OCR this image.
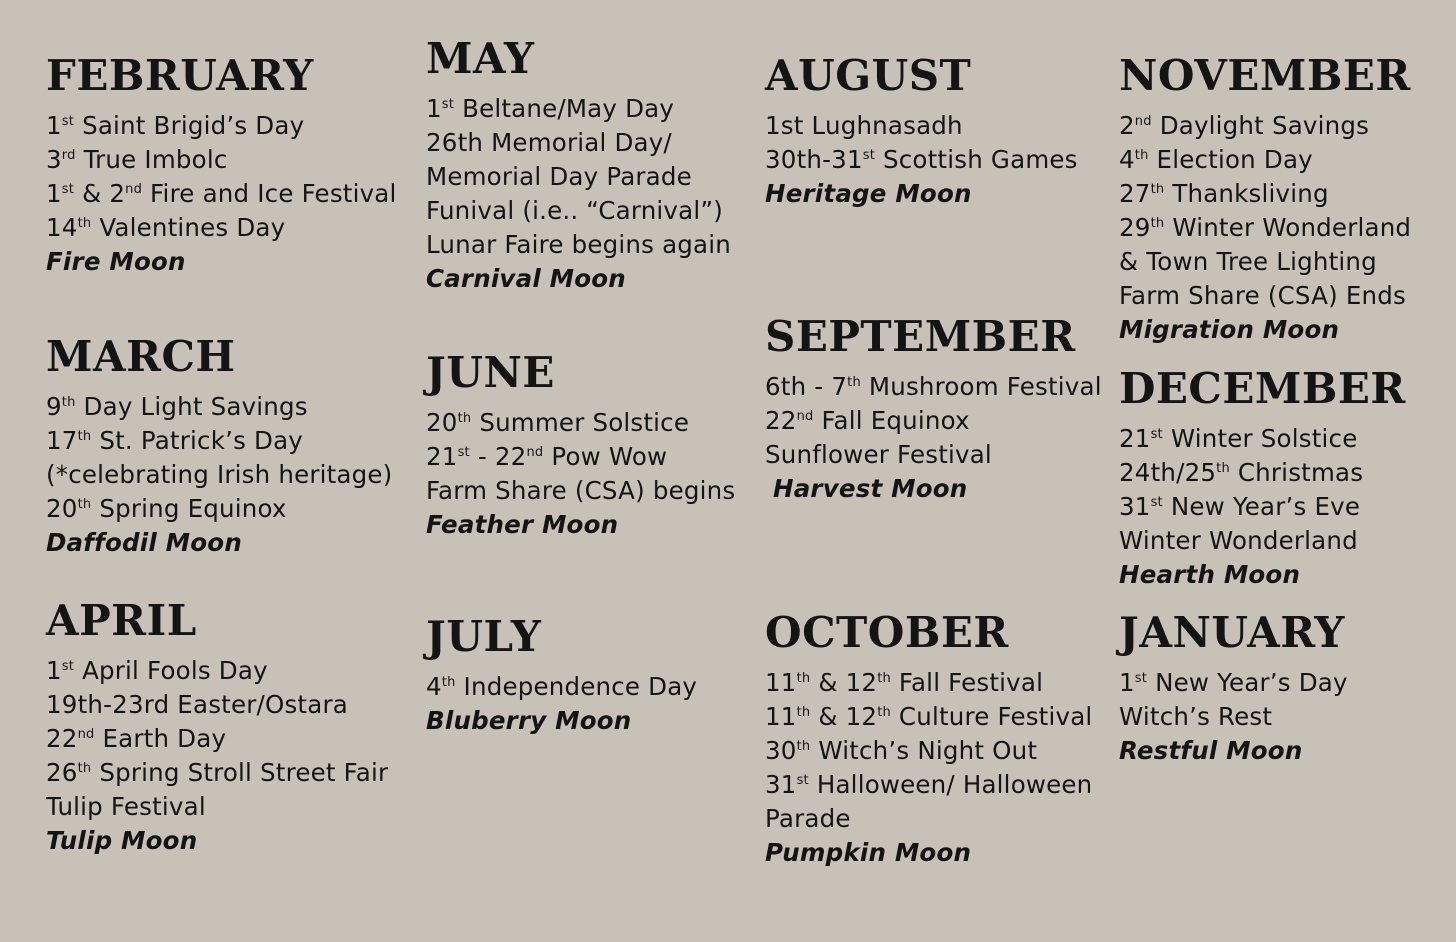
FEBRUARY
1st Saint Brigid’s Day
3rd True Imbolc
1st & 2nd Fire and Ice Festival
14th Valentines Day
Fire Moon
MARCH
9th Day Light Savings
17th St. Patrick’s Day
(*celebrating Irish heritage)
20th Spring Equinox
Daffodil Moon
APRIL
1st April Fools Day
19th-23rd Easter/Ostara
22nd Earth Day
26th Spring Stroll Street Fair
Tulip Festival
Tulip Moon
MAY
1st Beltane/May Day
26th Memorial Day/
Memorial Day Parade
Funival (i.e.. “Carnival”)
Lunar Faire begins again
Carnival Moon
JUNE
20th Summer Solstice
21st - 22nd Pow Wow
Farm Share (CSA) begins
Feather Moon
JULY
4th Independence Day
Bluberry Moon
AUGUST
1st Lughnasadh
30th-31st Scottish Games
Heritage Moon
SEPTEMBER
6th - 7th Mushroom Festival
22nd Fall Equinox
Sunflower Festival
Harvest Moon
OCTOBER
11th & 12th Fall Festival
11th & 12th Culture Festival
30th Witch’s Night Out
31st Halloween/ Halloween
Parade
Pumpkin Moon
NOVEMBER
2nd Daylight Savings
4th Election Day
27th Thanksliving
29th Winter Wonderland
& Town Tree Lighting
Farm Share (CSA) Ends
Migration Moon
DECEMBER
21st Winter Solstice
24th/25th Christmas
31st New Year’s Eve
Winter Wonderland
Hearth Moon
JANUARY
1st New Year’s Day
Witch’s Rest
Restful Moon
